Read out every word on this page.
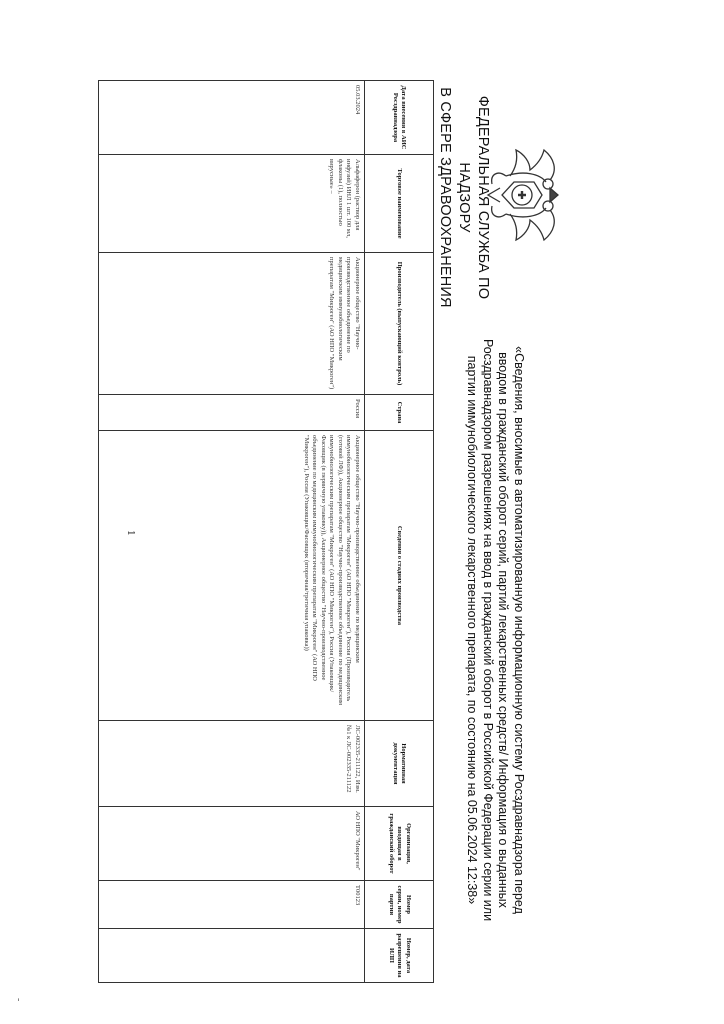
ФЕДЕРАЛЬНАЯ СЛУЖБА ПО НАДЗОРУ
В СФЕРЕ ЗДРАВООХРАНЕНИЯ
«Сведения, вносимые в автоматизированную информационную систему Росздравнадзора перед вводом в гражданский оборот серий, партий лекарственных средств/ Информация о выданных Росздравнадзором разрешениях на ввод в гражданский оборот в Российской Федерации серии или партии иммунобиологического лекарственного препарата, по состоянию на 05.06.2024 12:38»
Дата внесения в АИС Росздравнадзора	Торговое наименование	Производитель (выпускающий контроль)	Страна	Сведения о стадиях производства	Нормативная документация	Организация, вводящая в гражданский оборот	Номер серии, номер партии	Номер, дата разрешения на ИЛП
05.03.2024	Альфаферон (раствор для инфузий) ИНЛ 1 шт. 100 мл, флаконы (1), полностью вирусные» –	Акционерное общество "Научно-производственное объединение по медицинским иммунобиологическим препаратам "Микроген" (АО НПО "Микроген")	Россия	Акционерное общество "Научно-производственное объединение по медицинским иммунобиологическим препаратам "Микроген" (АО НПО "Микроген"), Россия (Производитель (готовой ЛФ)), Акционерное общество "Научно-производственное объединение по медицинским иммунобиологическим препаратам "Микроген" (АО НПО "Микроген"), Россия (Упаковщик/Фасовщик (в первичную упаковку)), Акционерное общество "Научно-производственное объединение по медицинским иммунобиологическим препаратам "Микроген" (АО НПО "Микроген"), Россия (Упаковщик/Фасовщик (вторичная/третичная упаковка))	ЛС-002335-211122, Изм. №1 к ЛС-002335-211122	АО НПО "Микроген"	Т00123	
1
-
